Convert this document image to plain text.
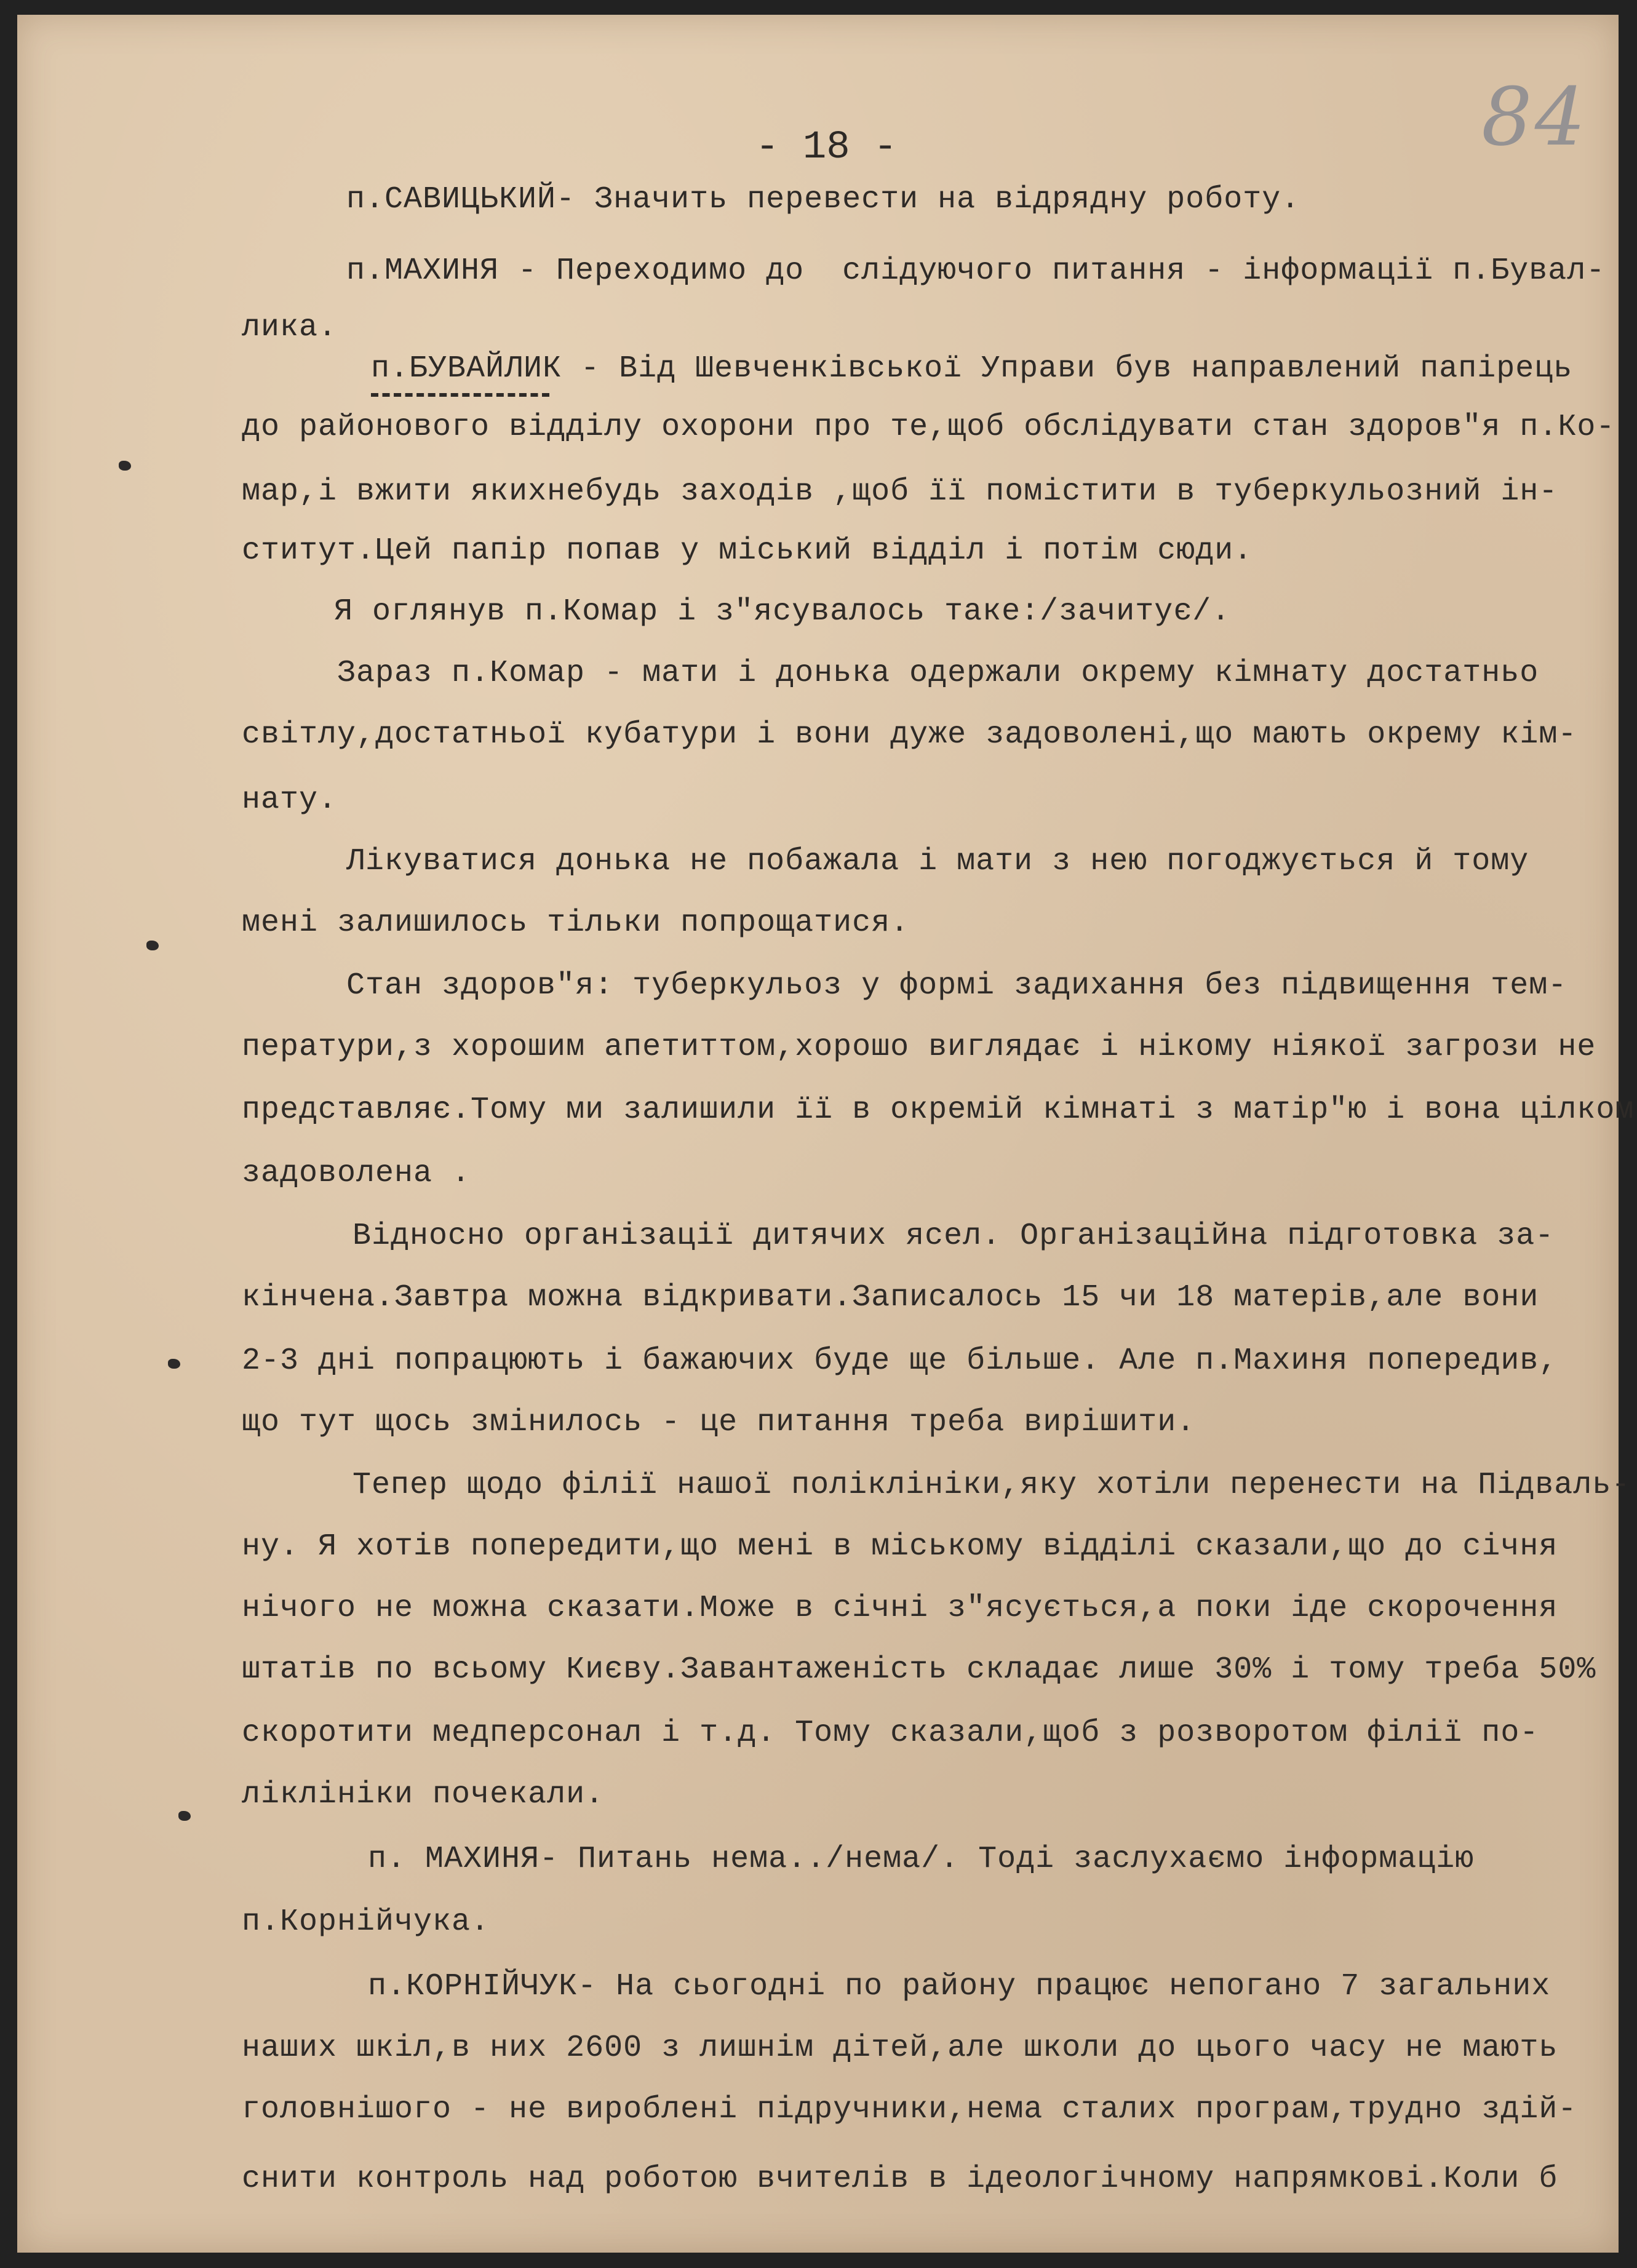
84
- 18 -
п.САВИЦЬКИЙ- Значить перевести на відрядну роботу.
п.МАХИНЯ - Переходимо до  слідуючого питання - інформації п.Бувал-
лика.
п.БУВАЙЛИК - Від Шевченківської Управи був направлений папірець
до районового відділу охорони про те,щоб обслідувати стан здоров"я п.Ко-
мар,і вжити якихнебудь заходів ,щоб її помістити в туберкульозний ін-
ститут.Цей папір попав у міський відділ і потім сюди.
Я оглянув п.Комар і з"ясувалось таке:/зачитує/.
Зараз п.Комар - мати і донька одержали окрему кімнату достатньо
світлу,достатньої кубатури і вони дуже задоволені,що мають окрему кім-
нату.
Лікуватися донька не побажала і мати з нею погоджується й тому
мені залишилось тільки попрощатися.
Стан здоров"я: туберкульоз у формі задихання без підвищення тем-
ператури,з хорошим апетиттом,хорошо виглядає і нікому ніякої загрози не
представляє.Тому ми залишили її в окремій кімнаті з матір"ю і вона цілком
задоволена .
Відносно організації дитячих ясел. Організаційна підготовка за-
кінчена.Завтра можна відкривати.Записалось 15 чи 18 матерів,але вони
2-3 дні попрацюють і бажаючих буде ще більше. Але п.Махиня попередив,
що тут щось змінилось - це питання треба вирішити.
Тепер щодо філії нашої поліклініки,яку хотіли перенести на Підваль-
ну. Я хотів попередити,що мені в міському відділі сказали,що до січня
нічого не можна сказати.Може в січні з"ясується,а поки іде скорочення
штатів по всьому Києву.Завантаженість складає лише 30% і тому треба 50%
скоротити медперсонал і т.д. Тому сказали,щоб з розворотом філії по-
ліклініки почекали.
п. МАХИНЯ- Питань нема../нема/. Тоді заслухаємо інформацію
п.Корнійчука.
п.КОРНІЙЧУК- На сьогодні по району працює непогано 7 загальних
наших шкіл,в них 2600 з лишнім дітей,але школи до цього часу не мають
головнішого - не вироблені підручники,нема сталих програм,трудно здій-
снити контроль над роботою вчителів в ідеологічному напрямкові.Коли б
